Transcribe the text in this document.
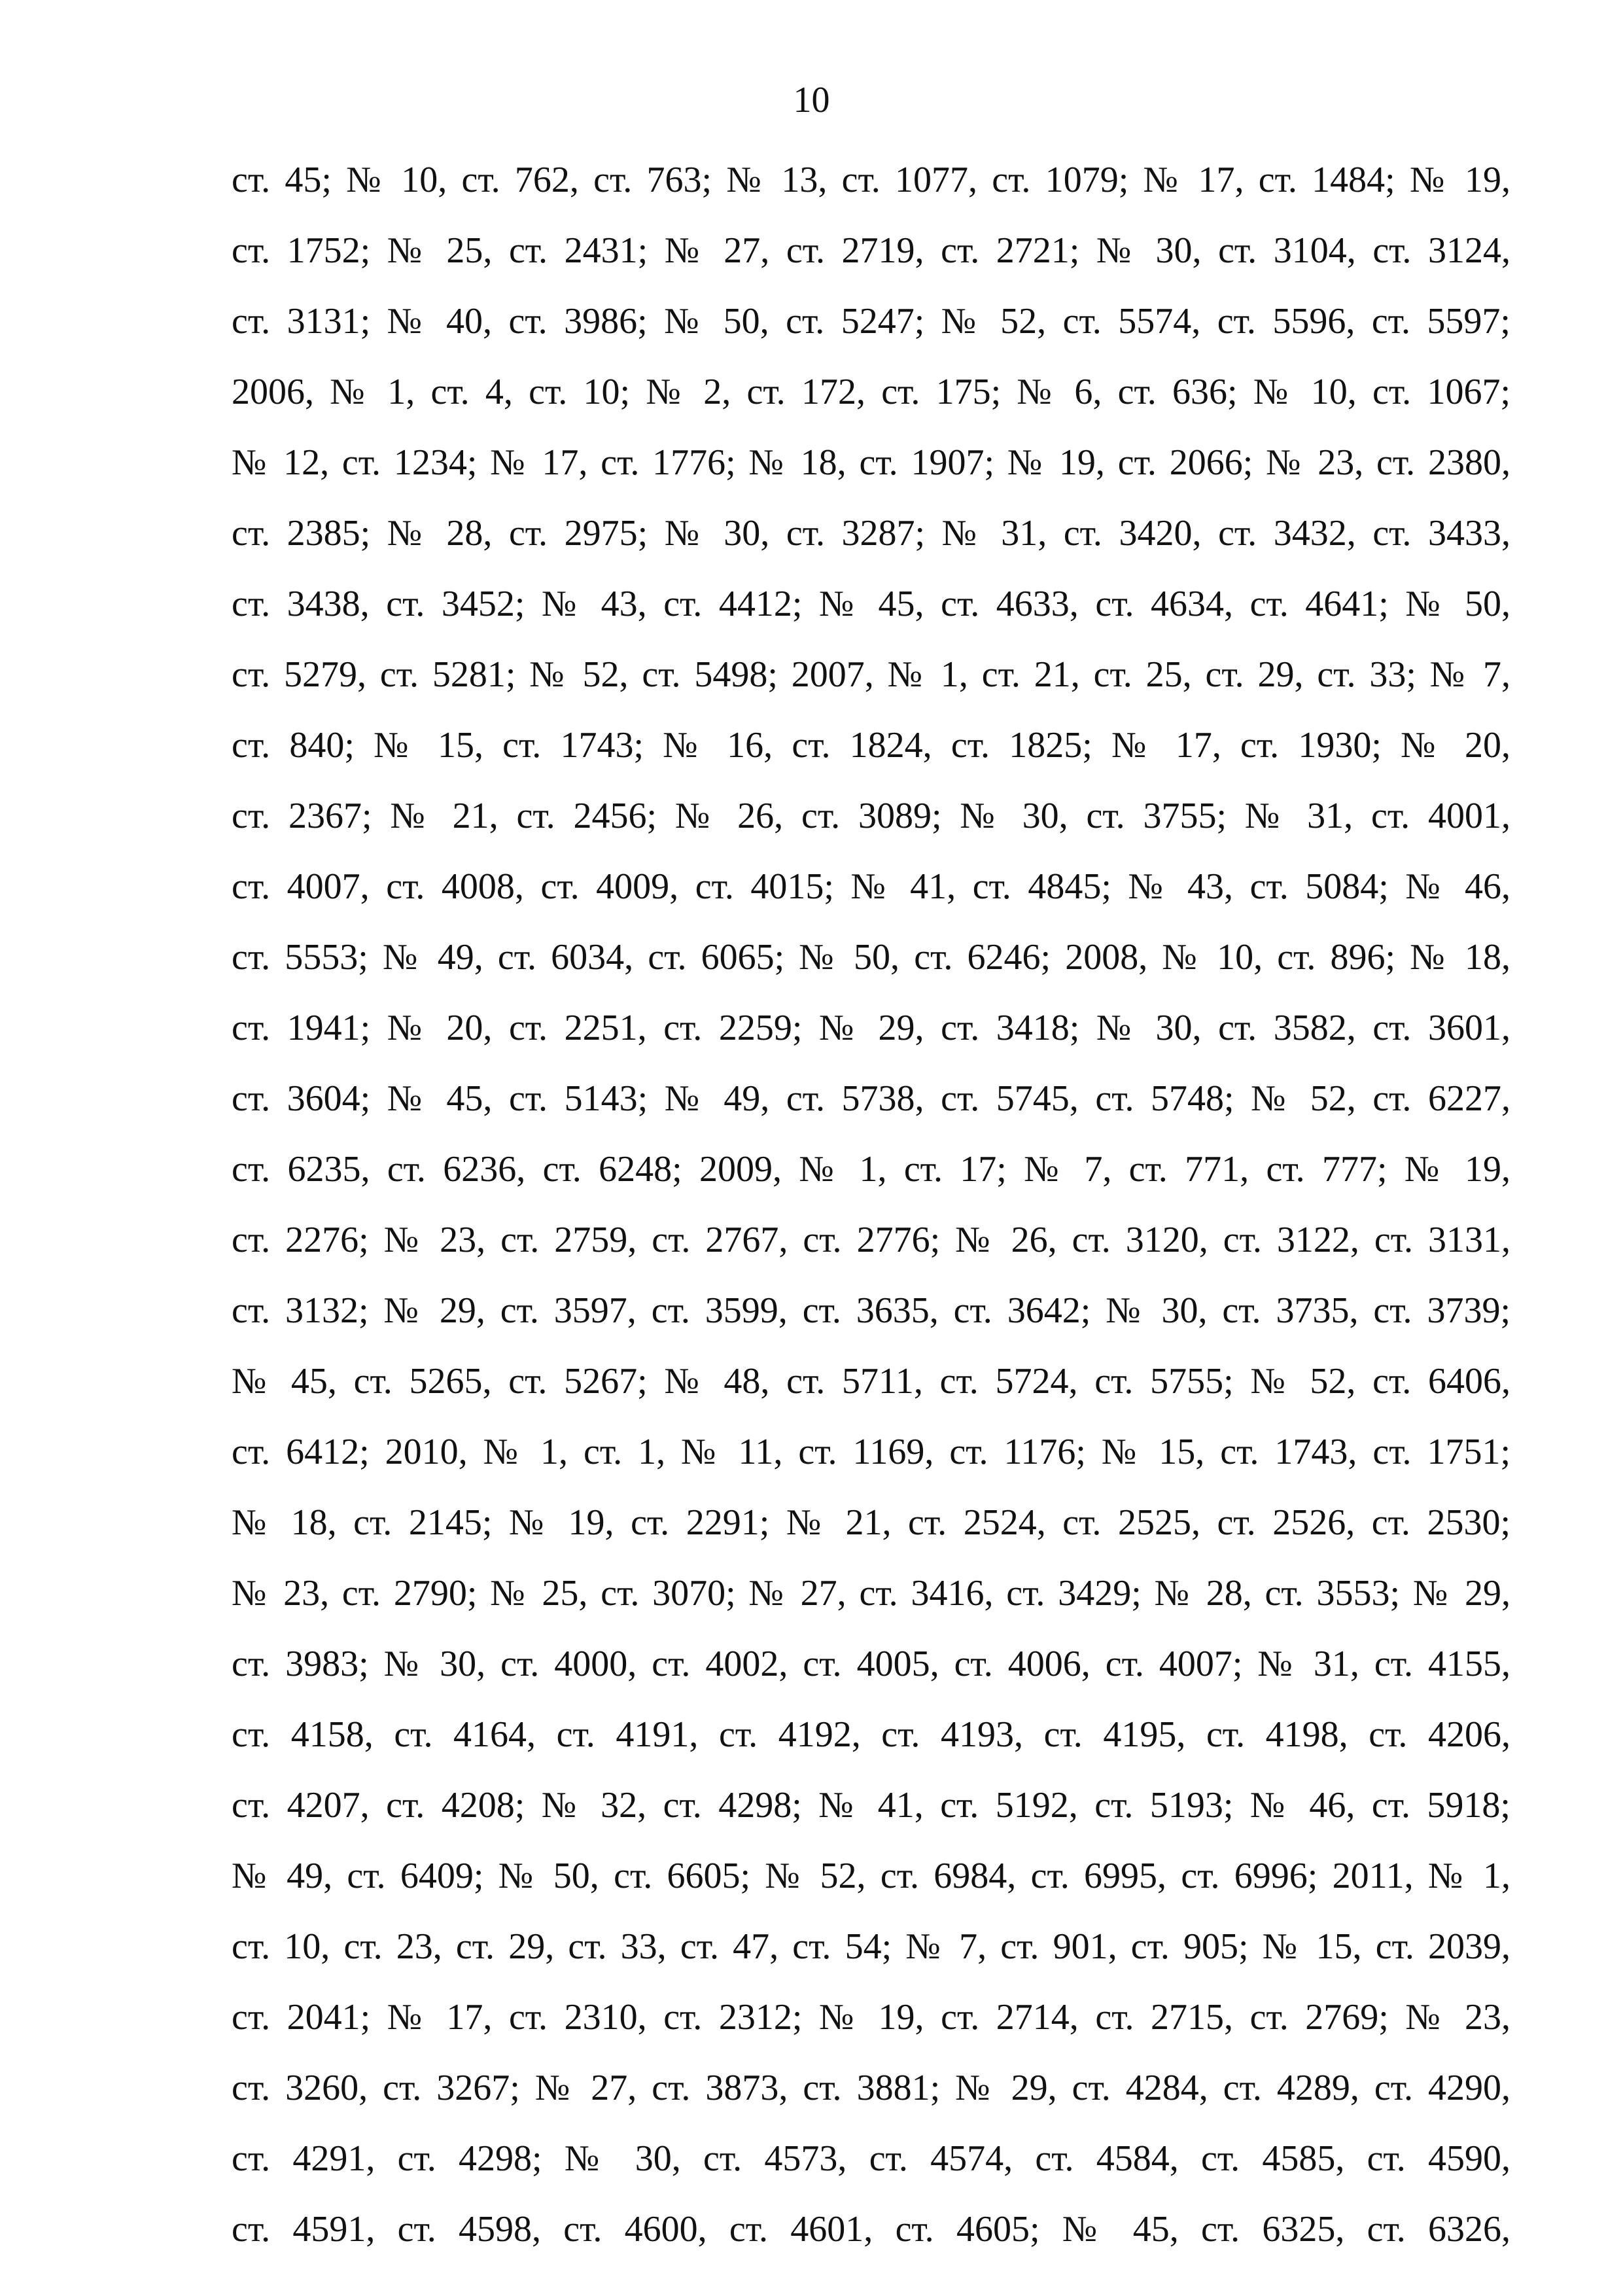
10
ст. 45; № 10, ст. 762, ст. 763; № 13, ст. 1077, ст. 1079; № 17, ст. 1484; № 19,
ст. 1752; № 25, ст. 2431; № 27, ст. 2719, ст. 2721; № 30, ст. 3104, ст. 3124,
ст. 3131; № 40, ст. 3986; № 50, ст. 5247; № 52, ст. 5574, ст. 5596, ст. 5597;
2006, № 1, ст. 4, ст. 10; № 2, ст. 172, ст. 175; № 6, ст. 636; № 10, ст. 1067;
№ 12, ст. 1234; № 17, ст. 1776; № 18, ст. 1907; № 19, ст. 2066; № 23, ст. 2380,
ст. 2385; № 28, ст. 2975; № 30, ст. 3287; № 31, ст. 3420, ст. 3432, ст. 3433,
ст. 3438, ст. 3452; № 43, ст. 4412; № 45, ст. 4633, ст. 4634, ст. 4641; № 50,
ст. 5279, ст. 5281; № 52, ст. 5498; 2007, № 1, ст. 21, ст. 25, ст. 29, ст. 33; № 7,
ст. 840; № 15, ст. 1743; № 16, ст. 1824, ст. 1825; № 17, ст. 1930; № 20,
ст. 2367; № 21, ст. 2456; № 26, ст. 3089; № 30, ст. 3755; № 31, ст. 4001,
ст. 4007, ст. 4008, ст. 4009, ст. 4015; № 41, ст. 4845; № 43, ст. 5084; № 46,
ст. 5553; № 49, ст. 6034, ст. 6065; № 50, ст. 6246; 2008, № 10, ст. 896; № 18,
ст. 1941; № 20, ст. 2251, ст. 2259; № 29, ст. 3418; № 30, ст. 3582, ст. 3601,
ст. 3604; № 45, ст. 5143; № 49, ст. 5738, ст. 5745, ст. 5748; № 52, ст. 6227,
ст. 6235, ст. 6236, ст. 6248; 2009, № 1, ст. 17; № 7, ст. 771, ст. 777; № 19,
ст. 2276; № 23, ст. 2759, ст. 2767, ст. 2776; № 26, ст. 3120, ст. 3122, ст. 3131,
ст. 3132; № 29, ст. 3597, ст. 3599, ст. 3635, ст. 3642; № 30, ст. 3735, ст. 3739;
№ 45, ст. 5265, ст. 5267; № 48, ст. 5711, ст. 5724, ст. 5755; № 52, ст. 6406,
ст. 6412; 2010, № 1, ст. 1, № 11, ст. 1169, ст. 1176; № 15, ст. 1743, ст. 1751;
№ 18, ст. 2145; № 19, ст. 2291; № 21, ст. 2524, ст. 2525, ст. 2526, ст. 2530;
№ 23, ст. 2790; № 25, ст. 3070; № 27, ст. 3416, ст. 3429; № 28, ст. 3553; № 29,
ст. 3983; № 30, ст. 4000, ст. 4002, ст. 4005, ст. 4006, ст. 4007; № 31, ст. 4155,
ст. 4158, ст. 4164, ст. 4191, ст. 4192, ст. 4193, ст. 4195, ст. 4198, ст. 4206,
ст. 4207, ст. 4208; № 32, ст. 4298; № 41, ст. 5192, ст. 5193; № 46, ст. 5918;
№ 49, ст. 6409; № 50, ст. 6605; № 52, ст. 6984, ст. 6995, ст. 6996; 2011, № 1,
ст. 10, ст. 23, ст. 29, ст. 33, ст. 47, ст. 54; № 7, ст. 901, ст. 905; № 15, ст. 2039,
ст. 2041; № 17, ст. 2310, ст. 2312; № 19, ст. 2714, ст. 2715, ст. 2769; № 23,
ст. 3260, ст. 3267; № 27, ст. 3873, ст. 3881; № 29, ст. 4284, ст. 4289, ст. 4290,
ст. 4291, ст. 4298; № 30, ст. 4573, ст. 4574, ст. 4584, ст. 4585, ст. 4590,
ст. 4591, ст. 4598, ст. 4600, ст. 4601, ст. 4605; № 45, ст. 6325, ст. 6326,
